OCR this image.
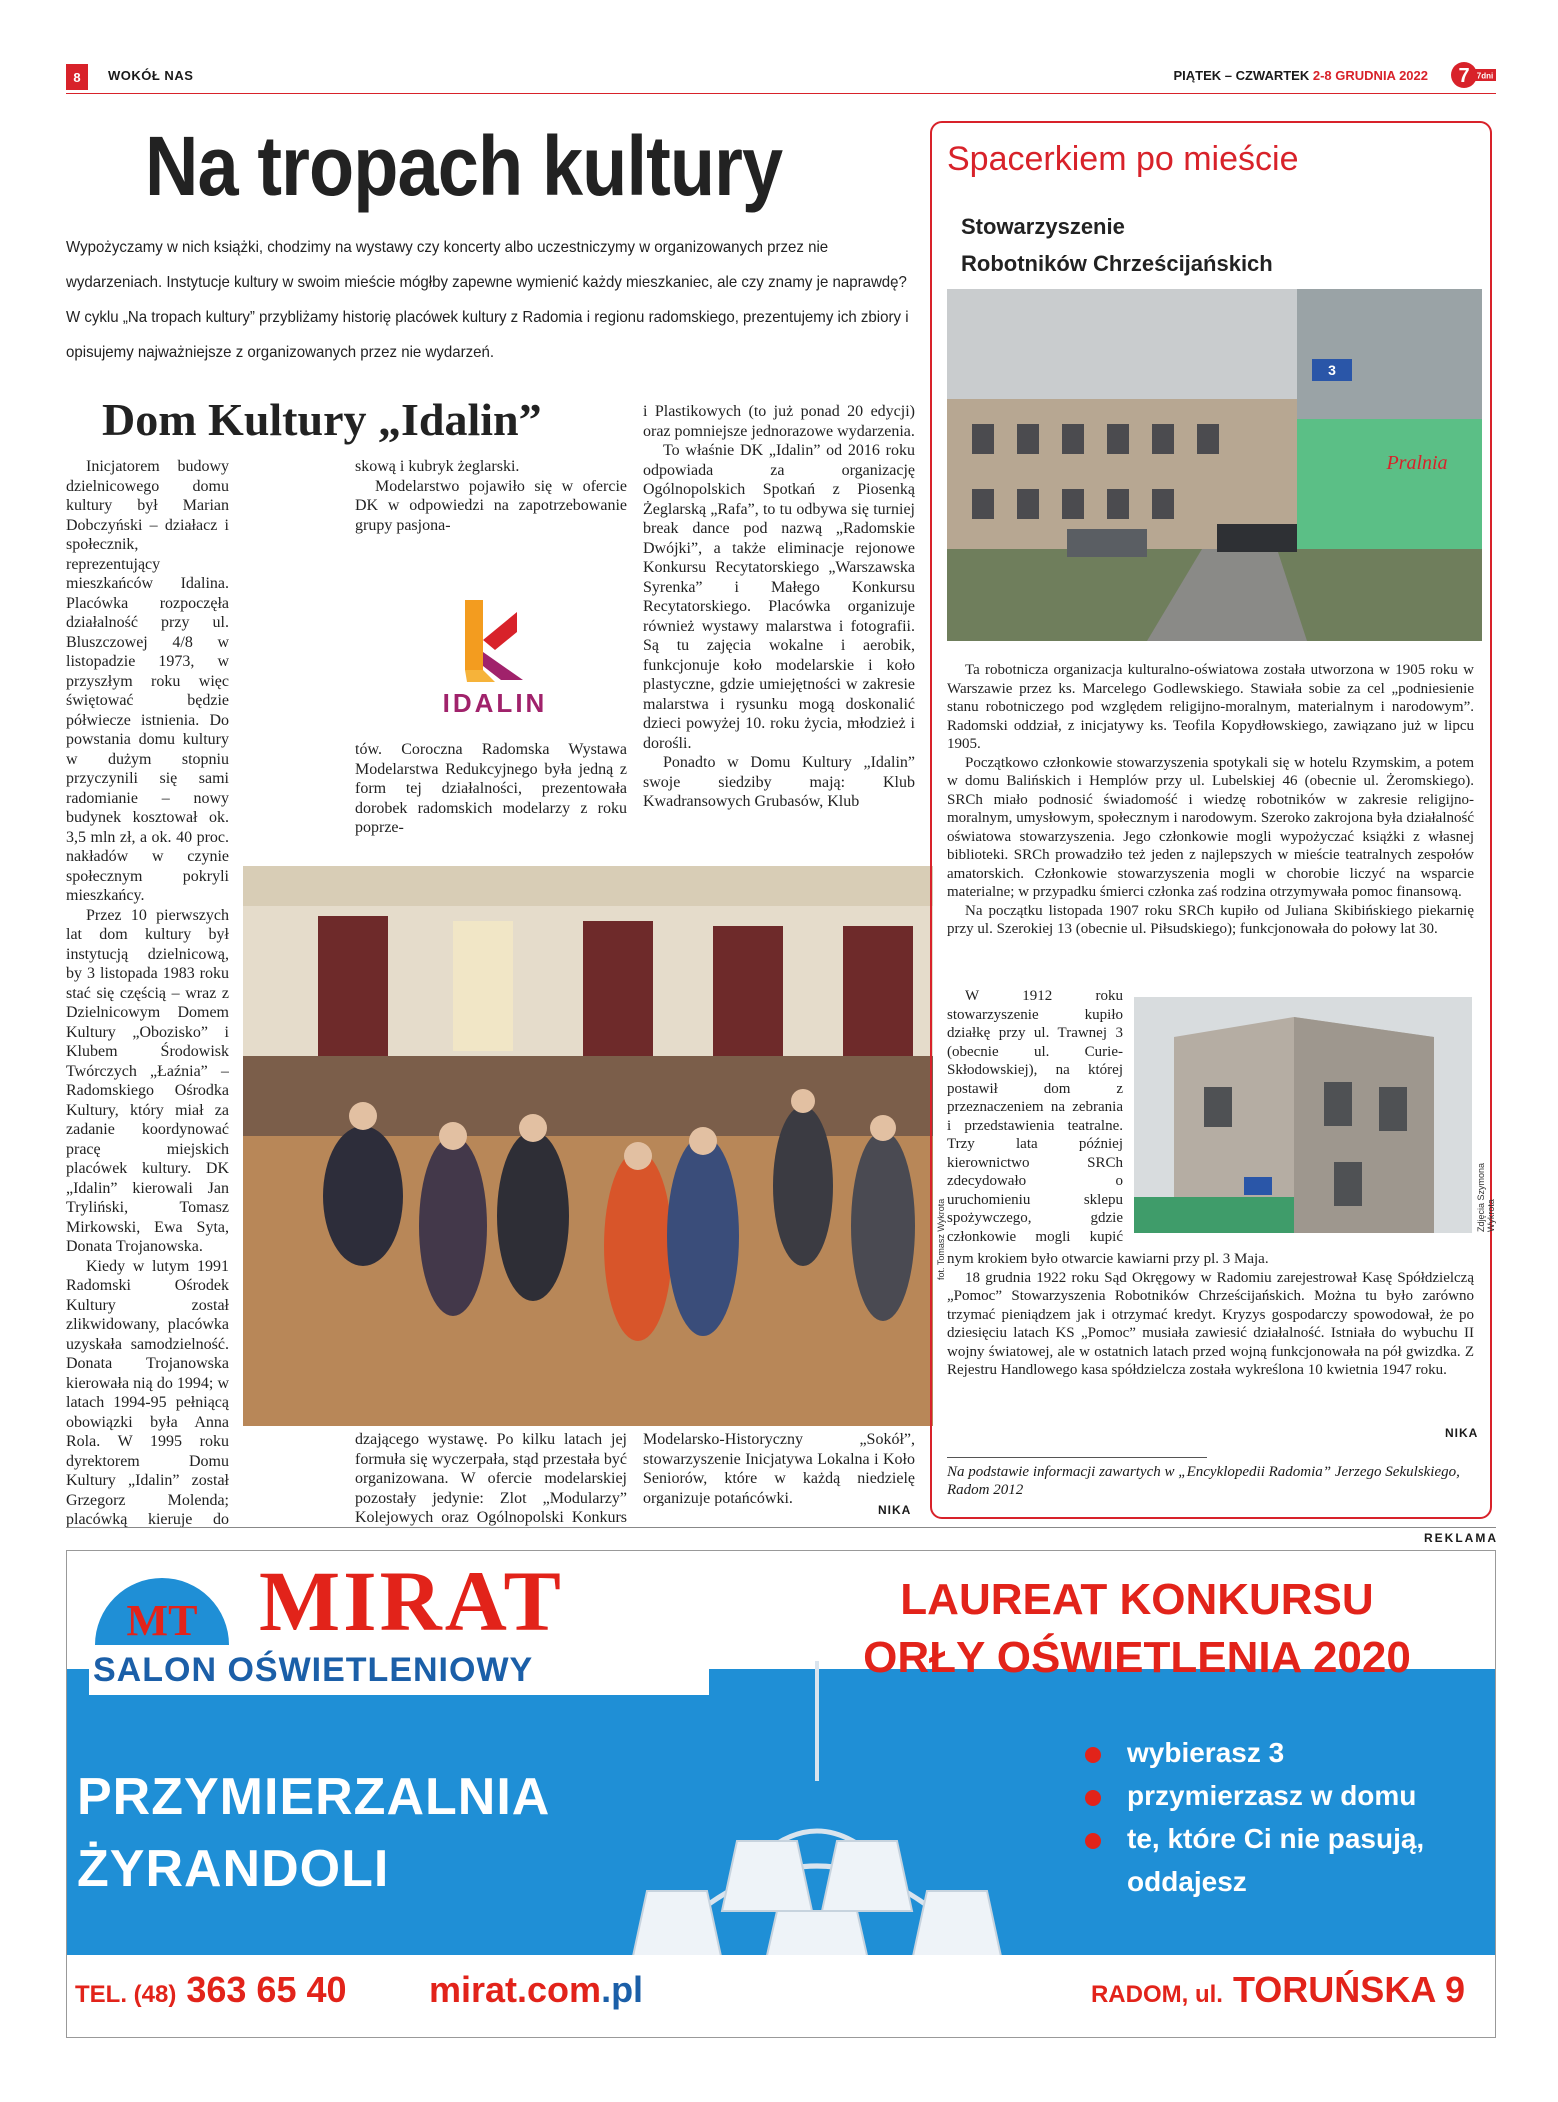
8	WOKÓŁ NAS	PIĄTEK – CZWARTEK 2-8 GRUDNIA 2022 7 7dni
Na tropach kultury
Wypożyczamy w nich książki, chodzimy na wystawy czy koncerty albo uczestniczymy w organizowanych przez nie wydarzeniach. Instytucje kultury w swoim mieście mógłby zapewne wymienić każdy mieszkaniec, ale czy znamy je naprawdę? W cyklu „Na tropach kultury” przybliżamy historię placówek kultury z Radomia i regionu radomskiego, prezentujemy ich zbiory i opisujemy najważniejsze z organizowanych przez nie wydarzeń.
Dom Kultury „Idalin”

Inicjatorem budowy dzielnicowego domu kultury był Marian Dobczyński – działacz i społecznik, reprezentujący mieszkańców Idalina. Placówka rozpoczęła działalność przy ul. Bluszczowej 4/8 w listopadzie 1973, w przyszłym roku więc świętować będzie półwiecze istnienia. Do powstania domu kultury w dużym stopniu przyczynili się sami radomianie – nowy budynek kosztował ok. 3,5 mln zł, a ok. 40 proc. nakładów w czynie społecznym pokryli mieszkańcy.

Przez 10 pierwszych lat dom kultury był instytucją dzielnicową, by 3 listopada 1983 roku stać się częścią – wraz z Dzielnicowym Domem Kultury „Obozisko” i Klubem Środowisk Twórczych „Łaźnia” – Radomskiego Ośrodka Kultury, który miał za zadanie koordynować pracę miejskich placówek kultury. DK „Idalin” kierowali Jan Tryliński, Tomasz Mirkowski, Ewa Syta, Donata Trojanowska.

Kiedy w lutym 1991 Radomski Ośrodek Kultury został zlikwidowany, placówka uzyskała samodzielność. Donata Trojanowska kierowała nią do 1994; w latach 1994-95 pełniącą obowiązki była Anna Rola. W 1995 roku dyrektorem Domu Kultury „Idalin” został Grzegorz Molenda; placówką kieruje do

skową i kubryk żeglarski.

Modelarstwo pojawiło się w ofercie DK w odpowiedzi na zapotrzebowanie grupy pasjona-

IDALIN

tów. Coroczna Radomska Wystawa Modelarstwa Redukcyjnego była jedną z form tej działalności, prezentowała dorobek radomskich modelarzy z roku poprze-

i Plastikowych (to już ponad 20 edycji) oraz pomniejsze jednorazowe wydarzenia.

To właśnie DK „Idalin” od 2016 roku odpowiada za organizację Ogólnopolskich Spotkań z Piosenką Żeglarską „Rafa”, to tu odbywa się turniej break dance pod nazwą „Radomskie Dwójki”, a także eliminacje rejonowe Konkursu Recytatorskiego „Warszawska Syrenka” i Małego Konkursu Recytatorskiego. Placówka organizuje również wystawy malarstwa i fotografii. Są tu zajęcia wokalne i aerobik, funkcjonuje koło modelarskie i koło plastyczne, gdzie umiejętności w zakresie malarstwa i rysunku mogą doskonalić dzieci powyżej 10. roku życia, młodzież i dorośli.

Ponadto w Domu Kultury „Idalin” swoje siedziby mają: Klub Kwadransowych Grubasów, Klub

fot. Tomasz Wykrota

dzającego wystawę. Po kilku latach jej formuła się wyczerpała, stąd przestała być organizowana. W ofercie modelarskiej pozostały jedynie: Zlot „Modularzy” Kolejowych oraz Ogólnopolski Konkurs

Modelarsko-Historyczny „Sokół”, stowarzyszenie Inicjatywa Lokalna i Koło Seniorów, które w każdą niedzielę organizuje potańcówki.

NIKA
Spacerkiem po mieście
Stowarzyszenie
Robotników Chrześcijańskich
3
Pralnia

Ta robotnicza organizacja kulturalno-oświatowa została utworzona w 1905 roku w Warszawie przez ks. Marcelego Godlewskiego. Stawiała sobie za cel „podniesienie stanu robotniczego pod względem religijno-moralnym, materialnym i narodowym”. Radomski oddział, z inicjatywy ks. Teofila Kopydłowskiego, zawiązano już w lipcu 1905.

Początkowo członkowie stowarzyszenia spotykali się w hotelu Rzymskim, a potem w domu Balińskich i Hemplów przy ul. Lubelskiej 46 (obecnie ul. Żeromskiego). SRCh miało podnosić świadomość i wiedzę robotników w zakresie religijno-moralnym, umysłowym, społecznym i narodowym. Szeroko zakrojona była działalność oświatowa stowarzyszenia. Jego członkowie mogli wypożyczać książki z własnej biblioteki. SRCh prowadziło też jeden z najlepszych w mieście teatralnych zespołów amatorskich. Członkowie stowarzyszenia mogli w chorobie liczyć na wsparcie materialne; w przypadku śmierci członka zaś rodzina otrzymywała pomoc finansową.

Na początku listopada 1907 roku SRCh kupiło od Juliana Skibińskiego piekarnię przy ul. Szerokiej 13 (obecnie ul. Piłsudskiego); funkcjonowała do połowy lat 30.

W 1912 roku stowarzyszenie kupiło działkę przy ul. Trawnej 3 (obecnie ul. Curie-Skłodowskiej), na której postawił dom z przeznaczeniem na zebrania i przedstawienia teatralne. Trzy lata później kierownictwo SRCh zdecydowało o uruchomieniu sklepu spożywczego, gdzie członkowie mogli kupić

Zdjęcia Szymona Wykrota

nym krokiem było otwarcie kawiarni przy pl. 3 Maja.

18 grudnia 1922 roku Sąd Okręgowy w Radomiu zarejestrował Kasę Spółdzielczą „Pomoc” Stowarzyszenia Robotników Chrześcijańskich. Można tu było zarówno trzymać pieniądzem jak i otrzymać kredyt. Kryzys gospodarczy spowodował, że po dziesięciu latach KS „Pomoc” musiała zawiesić działalność. Istniała do wybuchu II wojny światowej, ale w ostatnich latach przed wojną funkcjonowała na pół gwizdka. Z Rejestru Handlowego kasa spółdzielcza została wykreślona 10 kwietnia 1947 roku.

NIKA
Na podstawie informacji zawartych w „Encyklopedii Radomia” Jerzego Sekulskiego, Radom 2012
REKLAMA
MT MIRAT
SALON OŚWIETLENIOWY
LAUREAT KONKURSU
ORŁY OŚWIETLENIA 2020
PRZYMIERZALNIA
ŻYRANDOLI
wybierasz 3
przymierzasz w domu
te, które Ci nie pasują,
oddajesz
TEL. (48) 363 65 40 mirat.com.pl	RADOM, ul. TORUŃSKA 9
